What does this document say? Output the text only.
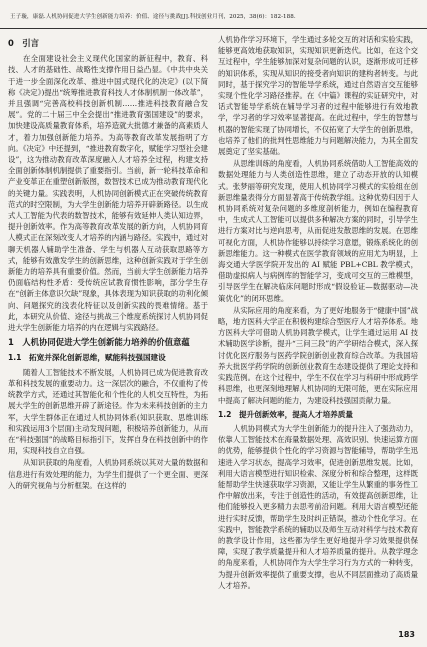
王子璇，康磊.人机协同促进大学生创新能力培养：价值、途径与挑战[J].科技创业月刊，2025，38(6)：182-188.
0　引言
在全面建设社会主义现代化国家的新征程中，教育、科技、人才的基础性、战略性支撑作用日益凸显。《中共中央关于进一步全面深化改革、推进中国式现代化的决定》(以下简称《决定》)提出“统筹推进教育科技人才体制机制一体改革”，并且强调“完善高校科技创新机制……推进科技教育融合发展”。党的二十届三中全会提出“推进教育强国建设”的要求，加快建设高质量教育体系，培养造就大批德才兼备的高素质人才，着力加强创新能力培养。为高等教育改革发展指明了方向。《决定》中还提到，“推进教育数字化，赋能学习型社会建设”，这为推动教育改革深度融入人才培养全过程，构建支持全面创新体制机制提供了重要指引。当前，新一轮科技革命和产业变革正在重塑创新版图，数智技术已成为推动教育现代化的关键力量。实践表明，人机协同创新模式正在突破传统教育范式的时空限制，为大学生创新能力培养开辟新路径。以生成式人工智能为代表的数智技术，能够有效延伸人类认知边界，提升创新效率。作为高等教育改革发展的新方向，人机协同育人模式正在深刻改变人才培养的内涵与路径。实践中，通过对聊天机器人辅助学生准备、学生与机器人互动获取思路等方式，能够有效激发学生的创新思维，这种创新实践对于学生创新能力的培养具有重要价值。然而，当前大学生创新能力培养仍面临结构性矛盾：受传统应试教育惯性影响，部分学生存在“创新主体意识欠缺”现象，具体表现为知识获取的功利化倾向、问题探究的浅表化特征以及创新实践的畏难情绪。基于此，本研究从价值、途径与挑战三个维度系统探讨人机协同促进大学生创新能力培养的内在逻辑与实践路径。
1　人机协同促进大学生创新能力培养的价值意蕴
1.1　拓宽并深化创新思维，赋能科技强国建设
随着人工智能技术不断发展，人机协同已成为促进教育改革和科技发展的重要动力。这一深层次的融合，不仅重构了传统教学方式，还通过其智能化和个性化的人机交互特性，为拓展大学生的创新思维开辟了新途径。作为未来科技创新的主力军，大学生群体正在通过人机协同体系(知识获取、思维训练和实践运用3个层面)主动发现问题，积极培养创新能力，从而在“科技强国”的战略目标指引下，发挥自身在科技创新中的作用，实现科技自立自强。
从知识获取的角度看，人机协同系统以其对大量的数据和信息进行有效处理的能力，为学生们提供了一个更全面、更深入的研究视角与分析框架。在这样的
人机协作学习环境下，学生通过多轮交互的对话和实验实践，能够更高效地获取知识，实现知识更新迭代。比如，在这个交互过程中，学生能够加深对复杂问题的认识，逐渐形成可迁移的知识体系，实现从知识的接受者向知识的建构者转变。与此同时，基于探究学习的智能导学系统，通过自然语言交互能够实现个性化学习路径推荐。在《中篇》课程的实证研究中，对话式智能导学系统在辅导学习者的过程中能够进行有效地教学，学习者的学习效率显著提高。在此过程中，学生的智慧与机器的智能实现了协同增长，不仅拓宽了大学生的创新思维，也培养了他们的批判性思维能力与问题解决能力，为其全面发展奠定了坚实基础。
从思维训练的角度看，人机协同系统借助人工智能高效的数据处理能力与人类创造性思维，建立了动态开放的认知模式。张梦丽等研究发现，使用人机协同学习模式的实验组在创新思维量表得分方面显著高于传统教学组。这种优势归因于人机协同系统对复杂问题的多维度剖析能力，例如在编程教育中，生成式人工智能可以提供多种解决方案的同时，引导学生进行方案对比与逆向思考，从而促进发散思维的发展。在思维可视化方面，人机协作能够以持续学习意愿，锻炼系统化的创新思维能力。这一种模式在医学教育领域的应用尤为明显，上海交通大学医学院开发出的 AI 赋能 PBL+CBL 教学模式，借助虚拟病人与病例库的智能学习，变成可交互的三维模型，引导医学生在解决临床问题时形成“假设验证—数据驱动—决策优化”的闭环思维。
从实际应用的角度来看，为了更好地服务于“健康中国”战略，地方医科大学正在积极构建综合型医疗人才培养体系。地方医科大学可借助人机协同教学模式，让学生通过运用 AI 技术辅助医学诊断，提升“三问三段”的产学研结合模式，深入探讨优化医疗服务与医药学院创新创业教育综合改革。为我国培养大批医学药学院的创新创业教育生态建设提供了理论支持和实践范例。在这个过程中，学生不仅在学习与科研中形成跨学科思维，也更深刻地理解人机协同的无限可能，更在实际应用中提高了解决问题的能力，为建设科技强国贡献力量。
1.2　提升创新效率，提高人才培养质量
人机协同模式为大学生创新能力的提升注入了强劲动力，依靠人工智能技术在海量数据处理、高效识别、快速运算方面的优势，能够提供个性化的学习资源与智能辅导，帮助学生迅速进入学习状态，提高学习效率，促进创新思维发展。比如，利用大语言模型进行知识检索、深度分析和综合整理，这样既能帮助学生快速获取学习资源，又能让学生从繁重的事务性工作中解放出来，专注于创造性的活动，有效提高创新思维，让他们能够投入更多精力去思考前沿问题。利用大语言模型还能进行实时反馈，帮助学生及时纠正错误，推动个性化学习。在实践中，智能教学系统的辅助以及师生互动对科学与技术教育的教学设计作用，这些都为学生更好地提升学习效果提供保障，实现了教学质量提升和人才培养质量的提升。从教学理念的角度来看，人机协同作为大学生学习行为方式的一种转变，为提升创新效率提供了重要支撑，也从不同层面推动了高质量人才培养。
183
